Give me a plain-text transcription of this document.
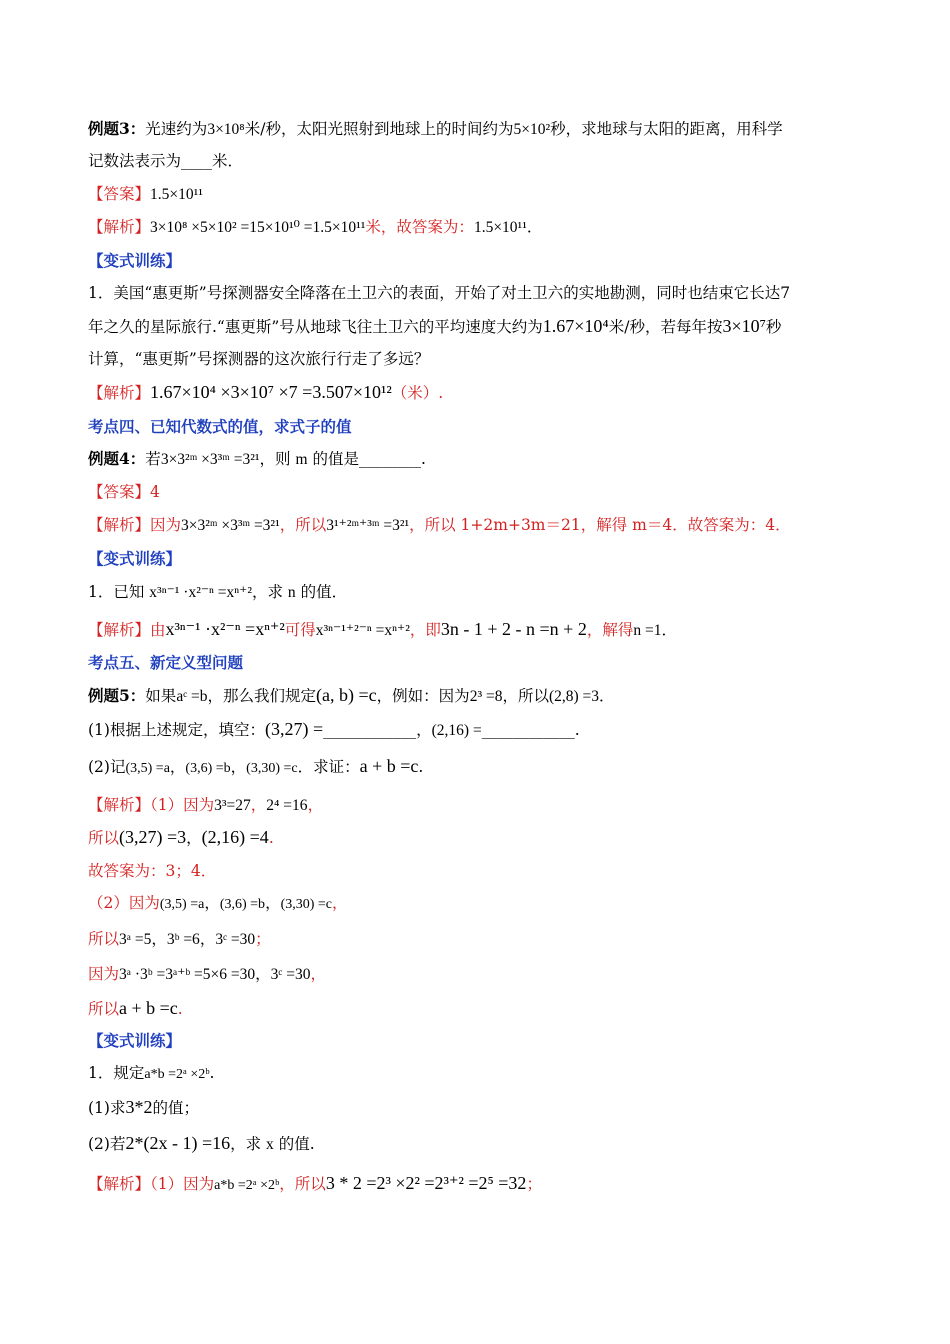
例题3：光速约为3×10⁸米/秒，太阳光照射到地球上的时间约为5×10²秒，求地球与太阳的距离，用科学
记数法表示为____米．
【答案】1.5×10¹¹
【解析】3×10⁸ ×5×10² =15×10¹⁰ =1.5×10¹¹米，故答案为：1.5×10¹¹．
【变式训练】
1．美国“惠更斯”号探测器安全降落在土卫六的表面，开始了对土卫六的实地勘测，同时也结束它长达7
年之久的星际旅行.“惠更斯”号从地球飞往土卫六的平均速度大约为1.67×10⁴米/秒，若每年按3×10⁷秒
计算，“惠更斯”号探测器的这次旅行行走了多远？
【解析】1.67×10⁴ ×3×10⁷ ×7 =3.507×10¹²（米）.
考点四、已知代数式的值，求式子的值
例题4：若3×3²ᵐ ×3³ᵐ =3²¹，则 m 的值是________.
【答案】4
【解析】因为3×3²ᵐ ×3³ᵐ =3²¹，所以3¹⁺²ᵐ⁺³ᵐ =3²¹，所以 1+2m+3m＝21，解得 m＝4．故答案为：4．
【变式训练】
1．已知 x³ⁿ⁻¹ ·x²⁻ⁿ =xⁿ⁺²，求 n 的值．
【解析】由x³ⁿ⁻¹ ·x²⁻ⁿ =xⁿ⁺²可得x³ⁿ⁻¹⁺²⁻ⁿ =xⁿ⁺²，即3n - 1 + 2 - n =n + 2，解得n =1．
考点五、新定义型问题
例题5：如果aᶜ =b，那么我们规定(a, b) =c，例如：因为2³ =8，所以(2,8) =3．
(1)根据上述规定，填空：(3,27) =____________，(2,16) =____________.
(2)记(3,5) =a，(3,6) =b，(3,30) =c．求证：a + b =c.
【解析】（1）因为3³=27，2⁴ =16，
所以(3,27) =3，(2,16) =4.
故答案为：3；4．
（2）因为(3,5) =a，(3,6) =b，(3,30) =c，
所以3ᵃ =5，3ᵇ =6，3ᶜ =30；
因为3ᵃ ·3ᵇ =3ᵃ⁺ᵇ =5×6 =30，3ᶜ =30，
所以a + b =c.
【变式训练】
1．规定a*b =2ᵃ ×2ᵇ.
(1)求3*2的值；
(2)若2*(2x - 1) =16，求 x 的值.
【解析】（1）因为a*b =2ᵃ ×2ᵇ，所以3 * 2 =2³ ×2² =2³⁺² =2⁵ =32；
